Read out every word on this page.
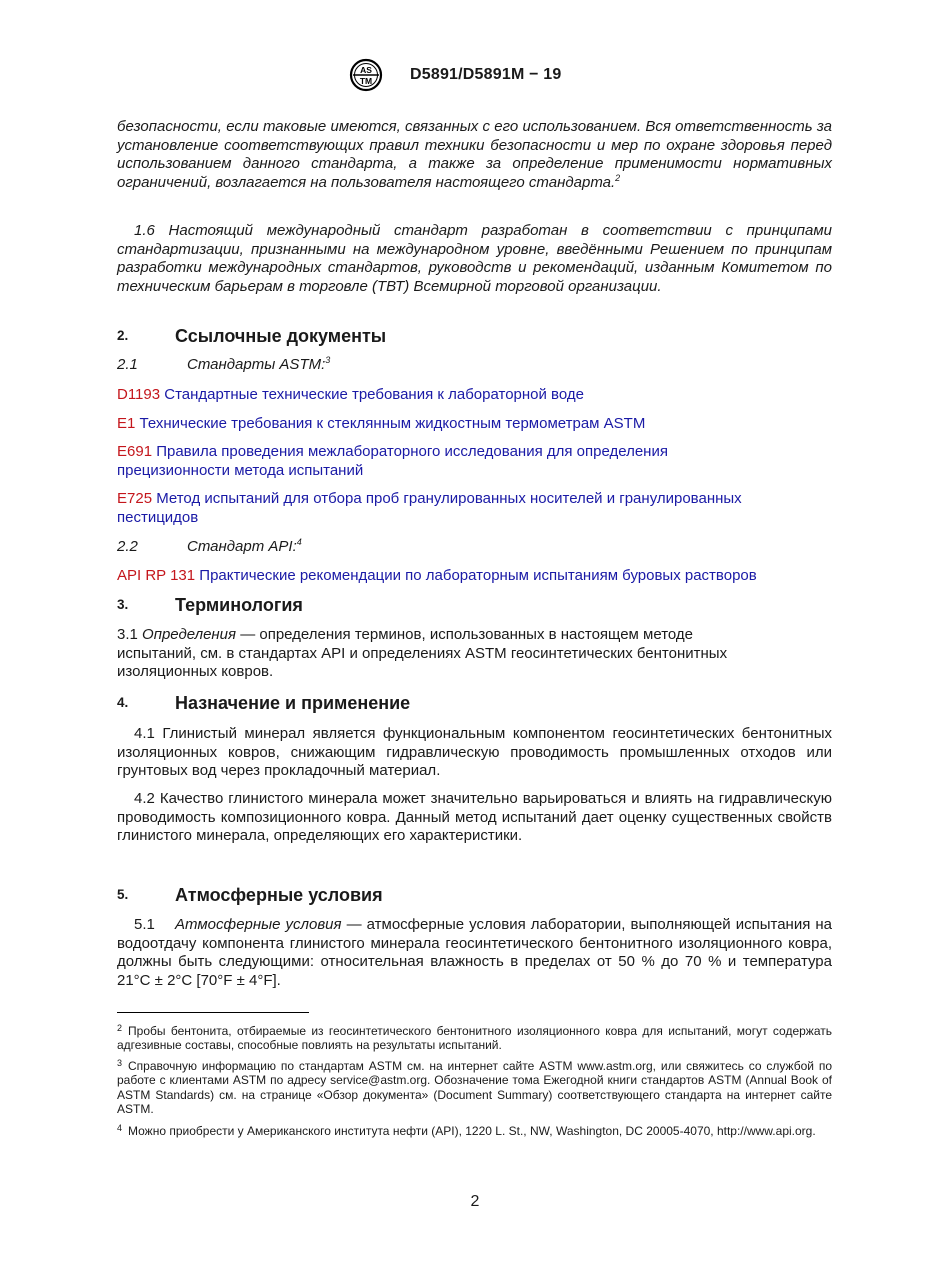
AS
TM D5891/D5891M − 19
безопасности, если таковые имеются, связанных с его использованием. Вся ответственность за установление соответствующих правил техники безопасности и мер по охране здоровья перед использованием данного стандарта, а также за определение применимости нормативных ограничений, возлагается на пользователя настоящего стандарта.$^2$
1.6 Настоящий международный стандарт разработан в соответствии с принципами стандартизации, признанными на международном уровне, введёнными Решением по принципам разработки международных стандартов, руководств и рекомендаций, изданным Комитетом по техническим барьерам в торговле (ТВТ) Всемирной торговой организации.
2.	Ссылочные документы
2.1	Стандарты ASTM:$^3$
D1193 Стандартные технические требования к лабораторной воде
E1 Технические требования к стеклянным жидкостным термометрам ASTM
E691 Правила проведения межлабораторного исследования для определения прецизионности метода испытаний
E725 Метод испытаний для отбора проб гранулированных носителей и гранулированных пестицидов
2.2	Стандарт API:$^4$
API RP 131 Практические рекомендации по лабораторным испытаниям буровых растворов
3.	Терминология
3.1 Определения — определения терминов, использованных в настоящем методе испытаний, см. в стандартах API и определениях ASTM геосинтетических бентонитных изоляционных ковров.
4.	Назначение и применение
4.1 Глинистый минерал является функциональным компонентом геосинтетических бентонитных изоляционных ковров, снижающим гидравлическую проводимость промышленных отходов или грунтовых вод через прокладочный материал.
4.2 Качество глинистого минерала может значительно варьироваться и влиять на гидравлическую проводимость композиционного ковра. Данный метод испытаний дает оценку существенных свойств глинистого минерала, определяющих его характеристики.
5.	Атмосферные условия
5.1 Атмосферные условия — атмосферные условия лаборатории, выполняющей испытания на водоотдачу компонента глинистого минерала геосинтетического бентонитного изоляционного ковра, должны быть следующими: относительная влажность в пределах от 50 % до 70 % и температура 21°C ± 2°C [70°F ± 4°F].
$^2$ Пробы бентонита, отбираемые из геосинтетического бентонитного изоляционного ковра для испытаний, могут содержать адгезивные составы, способные повлиять на результаты испытаний.
$^3$ Справочную информацию по стандартам ASTM см. на интернет сайте ASTM www.astm.org, или свяжитесь со службой по работе с клиентами ASTM по адресу service@astm.org. Обозначение тома Ежегодной книги стандартов ASTM (Annual Book of ASTM Standards) см. на странице «Обзор документа» (Document Summary) соответствующего стандарта на интернет сайте ASTM.
$^4$ Можно приобрести у Американского института нефти (API), 1220 L. St., NW, Washington, DC 20005-4070, http://www.api.org.
2
